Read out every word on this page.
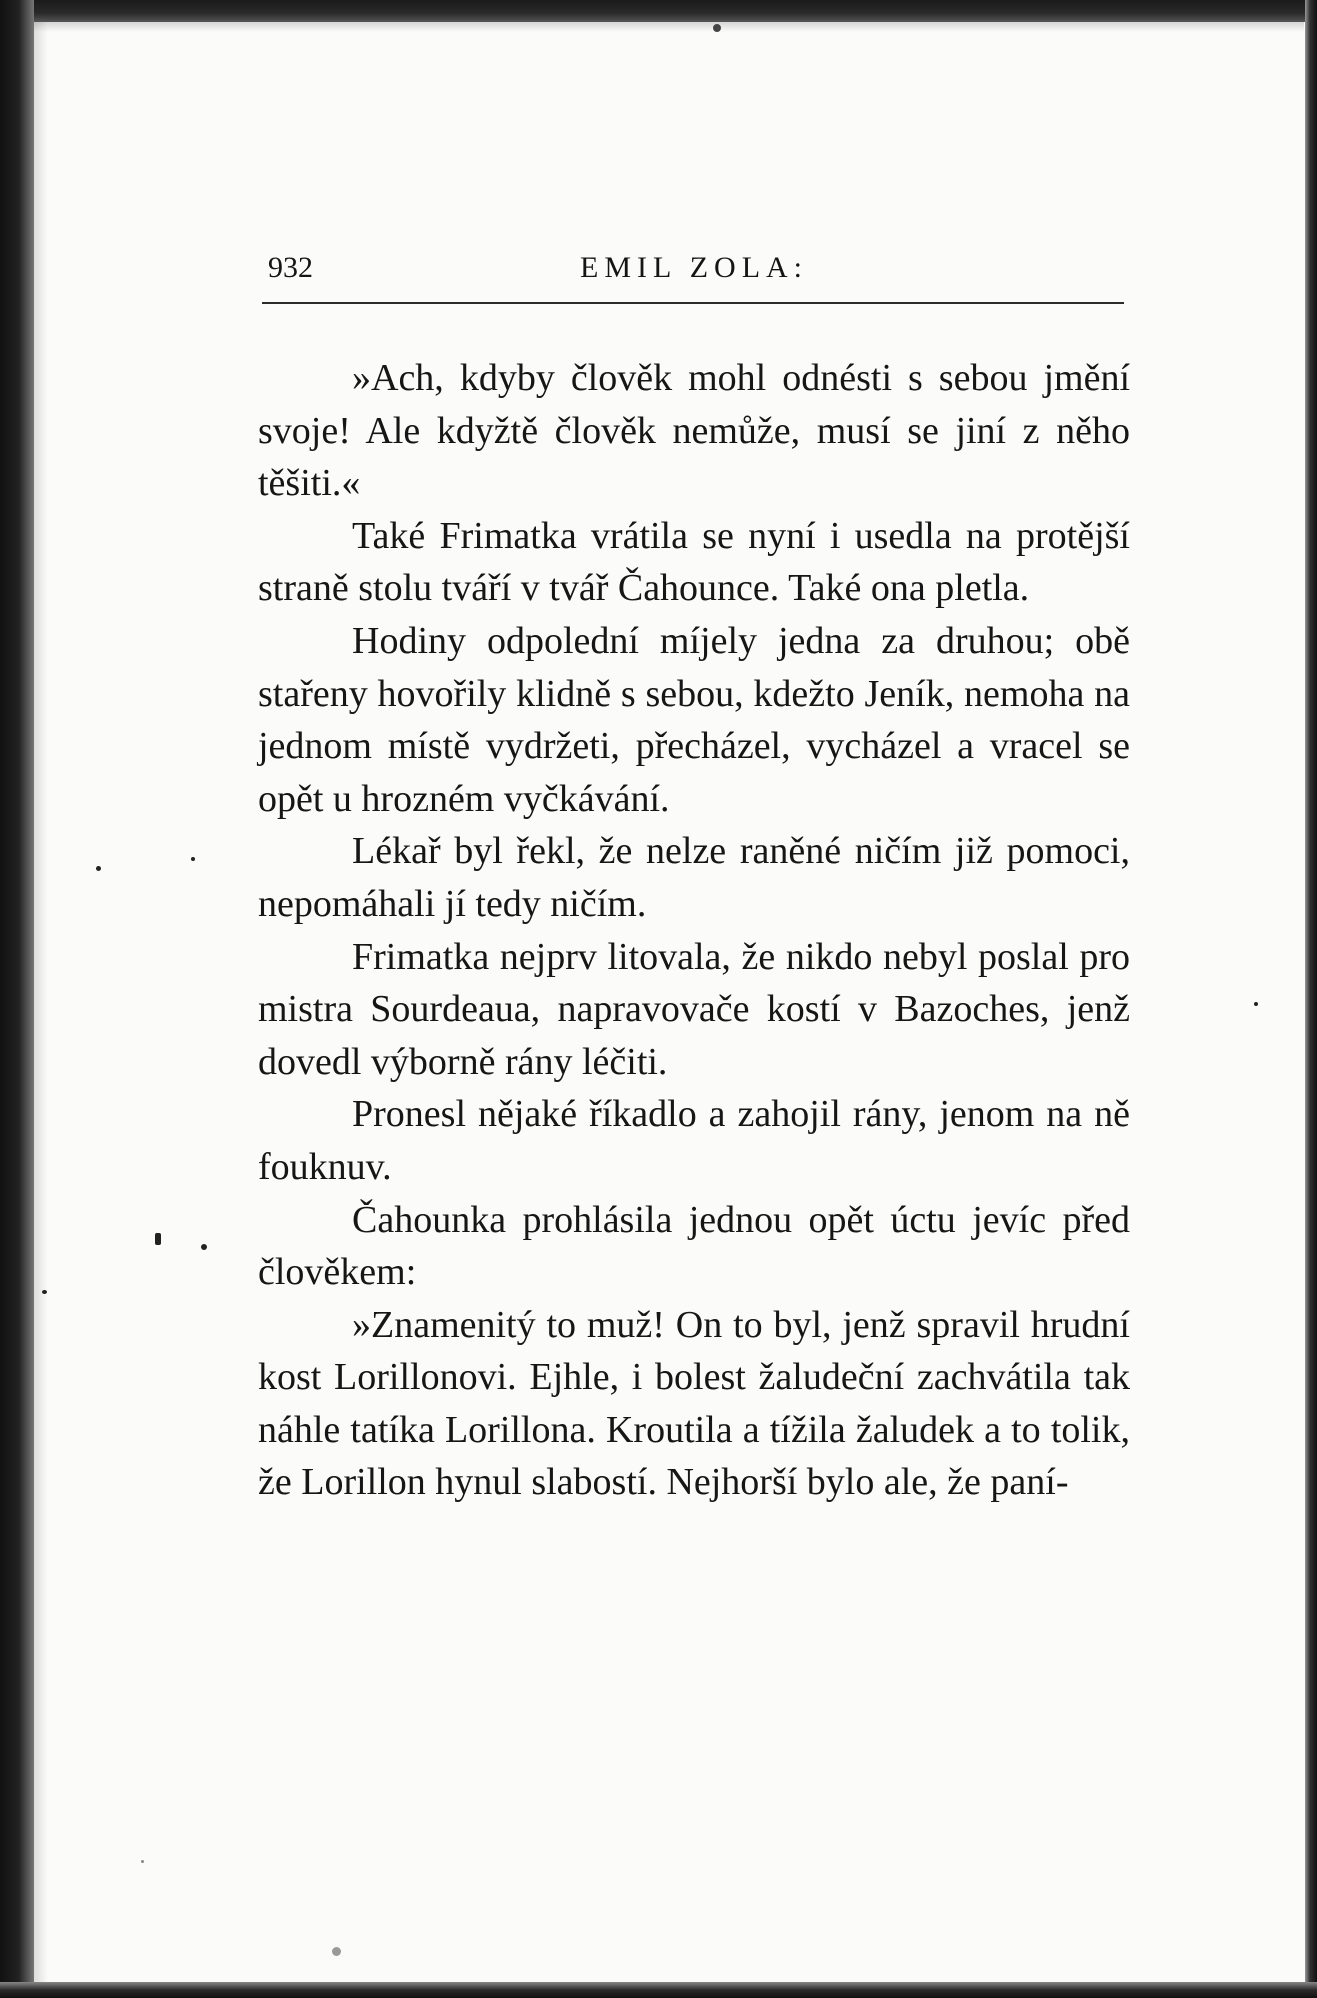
932	EMIL ZOLA:

»Ach, kdyby člověk mohl odnésti s sebou jmění svoje! Ale kdyžtě člověk nemůže, musí se jiní z něho těšiti.«

Také Frimatka vrátila se nyní i usedla na protější straně stolu tváří v tvář Čahounce. Také ona pletla.

Hodiny odpolední míjely jedna za druhou; obě stařeny hovořily klidně s sebou, kdežto Jeník, nemoha na jednom místě vydržeti, přecházel, vycházel a vracel se opět u hrozném vyčkávání.

Lékař byl řekl, že nelze raněné ničím již pomoci, nepomáhali jí tedy ničím.

Frimatka nejprv litovala, že nikdo nebyl poslal pro mistra Sourdeauа, napravovače kostí v Bazoches, jenž dovedl výborně rány léčiti.

Pronesl nějaké říkadlo a zahojil rány, jenom na ně fouknuv.

Čahounka prohlásila jednou opět úctu jevíc před člověkem:

»Znamenitý to muž! On to byl, jenž spravil hrudní kost Lorillonovi. Ejhle, i bolest žaludeční zachvátila tak náhle tatíka Lorillona. Kroutila a tížila žaludek a to tolik, že Lorillon hynul slabostí. Nejhorší bylo ale, že paní-
